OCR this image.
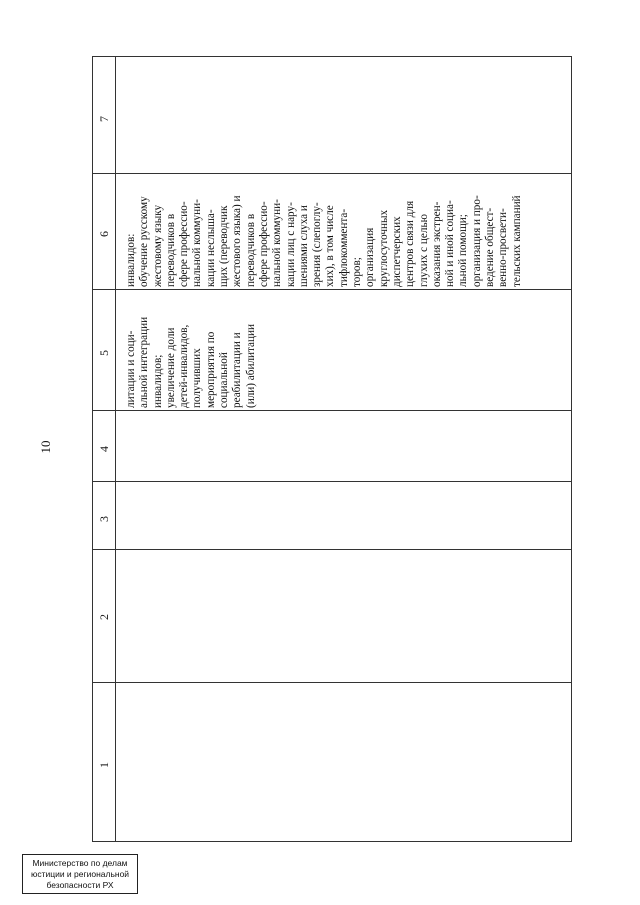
10
7
6
5
4
3
2
1
литации и соци- альной интеграции инвалидов; увеличение доли детей-инвалидов, получивших мероприятия по социальной реабилитации и (или) абилитации
инвалидов: обучение русскому жестовому языку переводчиков в сфере профессио- нальной коммуни- кации неслыша- щих (переводчик жестового языка) и переводчиков в сфере профессио- нальной коммуни- кации лиц с нару- шениями слуха и зрения (слепоглу- хих), в том числе тифлокоммента- торов; организация круглосуточных диспетчерских центров связи для глухих с целью оказания экстрен- ной и иной социа- льной помощи; организация и про- ведение общест- венно-просвети- тельских кампаний
Министерство по делам
юстиции и региональной
безопасности РХ
